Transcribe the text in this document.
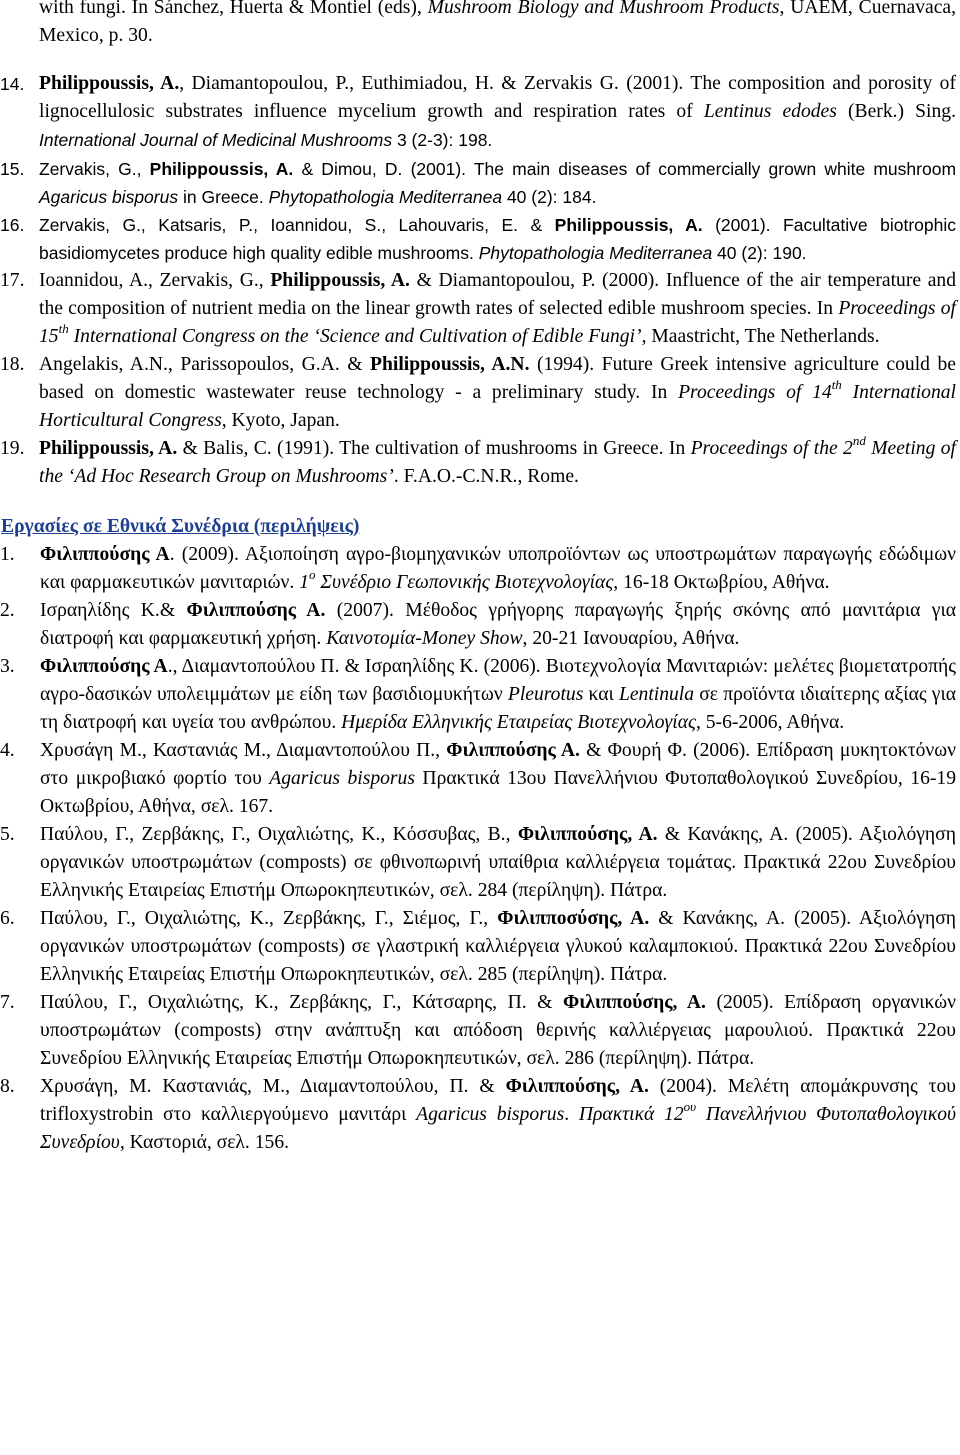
with fungi. In Sánchez, Huerta & Montiel (eds), Mushroom Biology and Mushroom Products, UAEM, Cuernavaca, Mexico, p. 30.

14. Philippoussis, A., Diamantopoulou, P., Euthimiadou, H. & Zervakis G. (2001). The composition and porosity of lignocellulosic substrates influence mycelium growth and respiration rates of Lentinus edodes (Berk.) Sing. International Journal of Medicinal Mushrooms 3 (2-3): 198.

15. Zervakis, G., Philippoussis, A. & Dimou, D. (2001). The main diseases of commercially grown white mushroom Agaricus bisporus in Greece. Phytopathologia Mediterranea 40 (2): 184.

16. Zervakis, G., Katsaris, P., Ioannidou, S., Lahouvaris, E. & Philippoussis, A. (2001). Facultative biotrophic basidiomycetes produce high quality edible mushrooms. Phytopathologia Mediterranea 40 (2): 190.

17. Ioannidou, A., Zervakis, G., Philippoussis, A. & Diamantopoulou, P. (2000). Influence of the air temperature and the composition of nutrient media on the linear growth rates of selected edible mushroom species. In Proceedings of 15th International Congress on the ‘Science and Cultivation of Edible Fungi’, Maastricht, The Netherlands.

18. Angelakis, A.N., Parissopoulos, G.A. & Philippoussis, A.N. (1994). Future Greek intensive agriculture could be based on domestic wastewater reuse technology - a preliminary study. In Proceedings of 14th International Horticultural Congress, Kyoto, Japan.

19. Philippoussis, A. & Balis, C. (1991). The cultivation of mushrooms in Greece. In Proceedings of the 2nd Meeting of the ‘Ad Hoc Research Group on Mushrooms’. F.A.O.-C.N.R., Rome.

Εργασίες σε Εθνικά Συνέδρια (περιλήψεις)

1. Φιλιππούσης Α. (2009). Αξιοποίηση αγρο-βιομηχανικών υποπροϊόντων ως υποστρωμάτων παραγωγής εδώδιμων και φαρμακευτικών μανιταριών. $1^o$ Συνέδριο Γεωπονικής Βιοτεχνολογίας, 16-18 Οκτωβρίου, Αθήνα.

2. Ισραηλίδης Κ.& Φιλιππούσης Α. (2007). Μέθοδος γρήγορης παραγωγής ξηρής σκόνης από μανιτάρια για διατροφή και φαρμακευτική χρήση. Καινοτομία-Money Show, 20-21 Ιανουαρίου, Αθήνα.

3. Φιλιππούσης Α., Διαμαντοπούλου Π. & Ισραηλίδης Κ. (2006). Βιοτεχνολογία Μανιταριών: μελέτες βιομετατροπής αγρο-δασικών υπολειμμάτων με είδη των βασιδιομυκήτων Pleurotus και Lentinula σε προϊόντα ιδιαίτερης αξίας για τη διατροφή και υγεία του ανθρώπου. Ημερίδα Ελληνικής Εταιρείας Βιοτεχνολογίας, 5-6-2006, Αθήνα.

4. Χρυσάγη Μ., Καστανιάς Μ., Διαμαντοπούλου Π., Φιλιππούσης Α. & Φουρή Φ. (2006). Επίδραση μυκητοκτόνων στο μικροβιακό φορτίο του Agaricus bisporus Πρακτικά 13ου Πανελλήνιου Φυτοπαθολογικού Συνεδρίου, 16-19 Οκτωβρίου, Αθήνα, σελ. 167.

5. Παύλου, Γ., Ζερβάκης, Γ., Οιχαλιώτης, Κ., Κόσσυβας, Β., Φιλιππούσης, Α. & Κανάκης, Α. (2005). Αξιολόγηση οργανικών υποστρωμάτων (composts) σε φθινοπωρινή υπαίθρια καλλιέργεια τομάτας. Πρακτικά 22ου Συνεδρίου Ελληνικής Εταιρείας Επιστήμ Οπωροκηπευτικών, σελ. 284 (περίληψη). Πάτρα.

6. Παύλου, Γ., Οιχαλιώτης, Κ., Ζερβάκης, Γ., Σιέμος, Γ., Φιλιπποσύσης, Α. & Κανάκης, Α. (2005). Αξιολόγηση οργανικών υποστρωμάτων (composts) σε γλαστρική καλλιέργεια γλυκού καλαμποκιού. Πρακτικά 22ου Συνεδρίου Ελληνικής Εταιρείας Επιστήμ Οπωροκηπευτικών, σελ. 285 (περίληψη). Πάτρα.

7. Παύλου, Γ., Οιχαλιώτης, Κ., Ζερβάκης, Γ., Κάτσαρης, Π. & Φιλιππούσης, Α. (2005). Επίδραση οργανικών υποστρωμάτων (composts) στην ανάπτυξη και απόδοση θερινής καλλιέργειας μαρουλιού. Πρακτικά 22ου Συνεδρίου Ελληνικής Εταιρείας Επιστήμ Οπωροκηπευτικών, σελ. 286 (περίληψη). Πάτρα.

8. Χρυσάγη, Μ. Καστανιάς, Μ., Διαμαντοπούλου, Π. & Φιλιππούσης, Α. (2004). Μελέτη απομάκρυνσης του trifloxystrobin στο καλλιεργούμενο μανιτάρι Agaricus bisporus. Πρακτικά $12^{o\upsilon}$ Πανελλήνιου Φυτοπαθολογικού Συνεδρίου, Καστοριά, σελ. 156.
